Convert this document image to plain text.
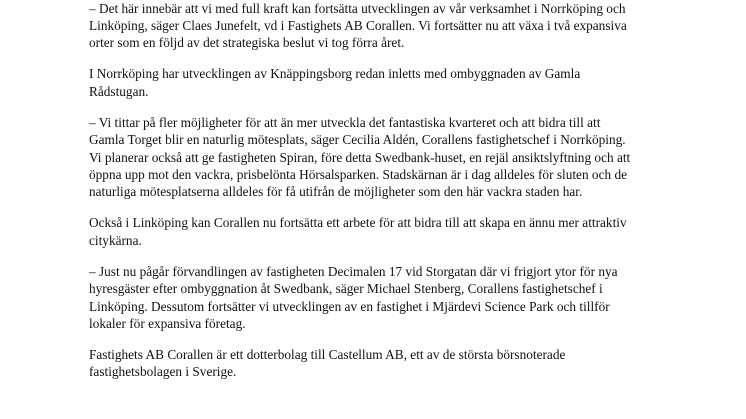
– Det här innebär att vi med full kraft kan fortsätta utvecklingen av vår verksamhet i Norrköping och
Linköping, säger Claes Junefelt, vd i Fastighets AB Corallen. Vi fortsätter nu att växa i två expansiva
orter som en följd av det strategiska beslut vi tog förra året.

I Norrköping har utvecklingen av Knäppingsborg redan inletts med ombyggnaden av Gamla
Rådstugan.

– Vi tittar på fler möjligheter för att än mer utveckla det fantastiska kvarteret och att bidra till att
Gamla Torget blir en naturlig mötesplats, säger Cecilia Aldén, Corallens fastighetschef i Norrköping.
Vi planerar också att ge fastigheten Spiran, före detta Swedbank-huset, en rejäl ansiktslyftning och att
öppna upp mot den vackra, prisbelönta Hörsalsparken. Stadskärnan är i dag alldeles för sluten och de
naturliga mötesplatserna alldeles för få utifrån de möjligheter som den här vackra staden har.

Också i Linköping kan Corallen nu fortsätta ett arbete för att bidra till att skapa en ännu mer attraktiv
citykärna.

– Just nu pågår förvandlingen av fastigheten Decimalen 17 vid Storgatan där vi frigjort ytor för nya
hyresgäster efter ombyggnation åt Swedbank, säger Michael Stenberg, Corallens fastighetschef i
Linköping. Dessutom fortsätter vi utvecklingen av en fastighet i Mjärdevi Science Park och tillför
lokaler för expansiva företag.

Fastighets AB Corallen är ett dotterbolag till Castellum AB, ett av de största börsnoterade
fastighetsbolagen i Sverige.
